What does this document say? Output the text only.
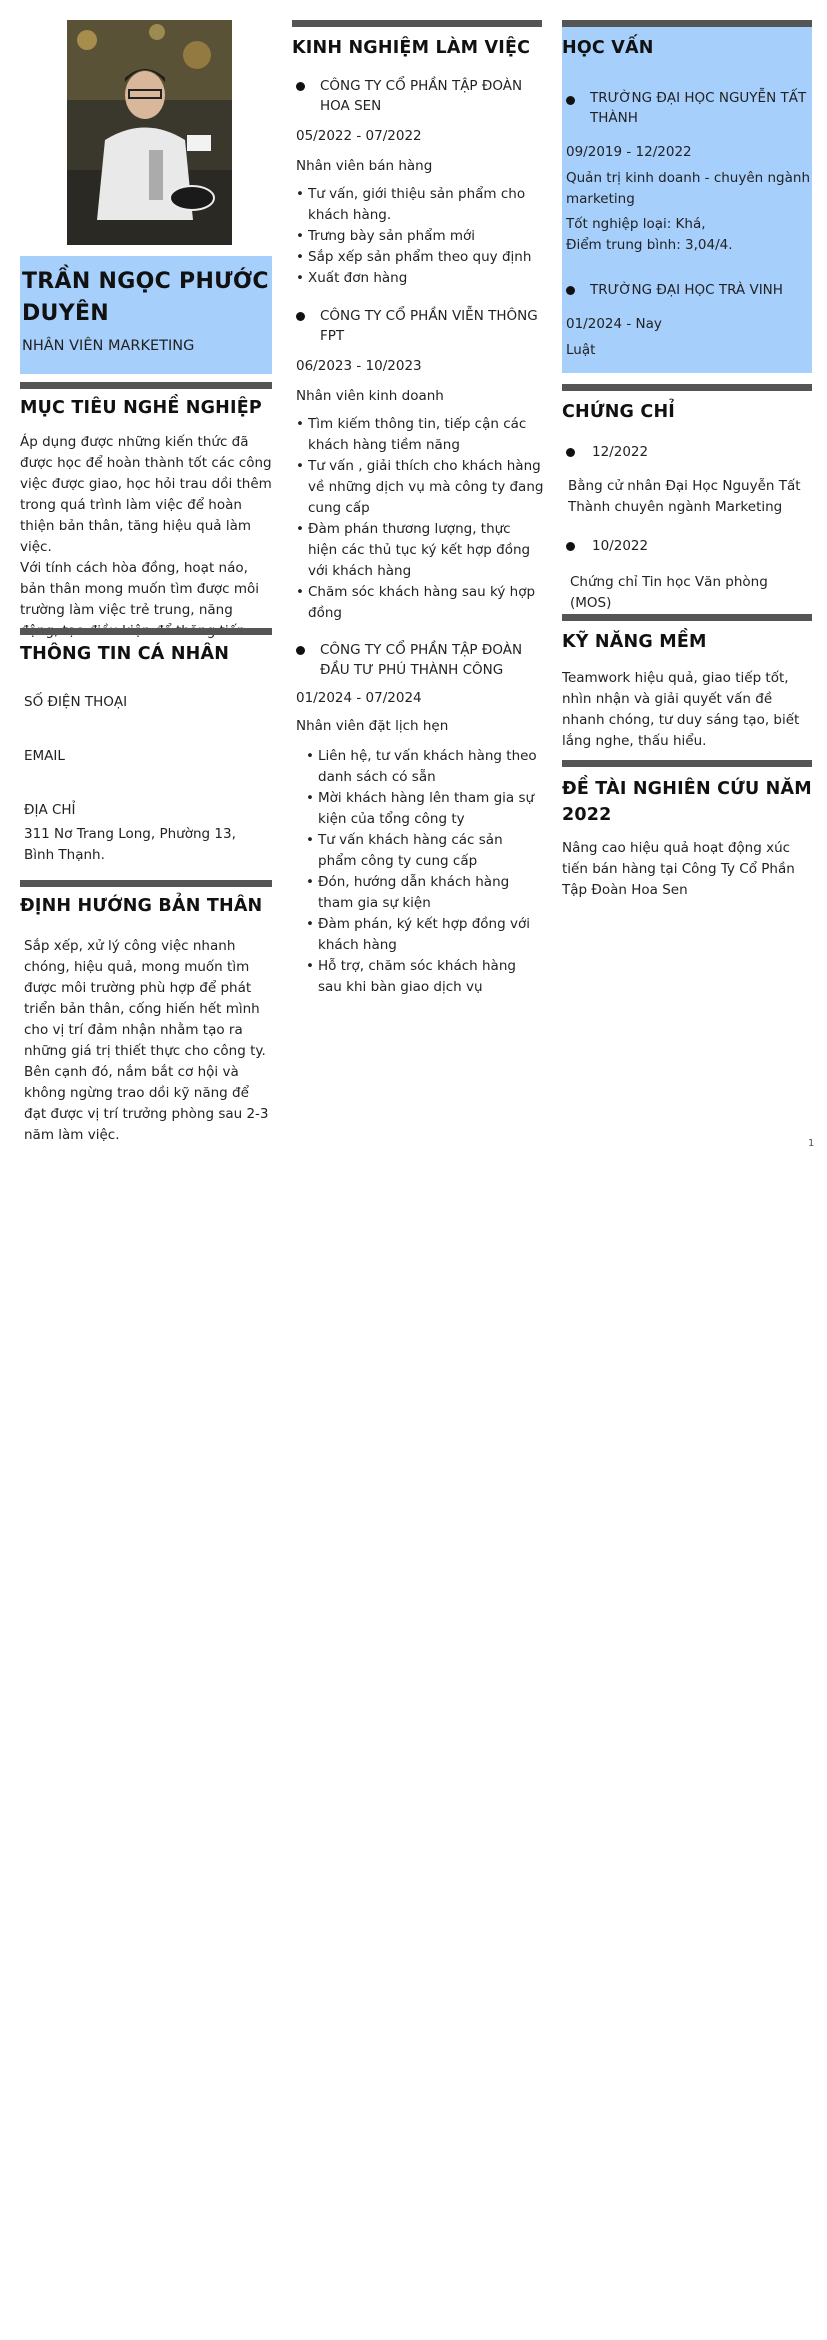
TRẦN NGỌC PHƯỚC DUYÊN
NHÂN VIÊN MARKETING
MỤC TIÊU NGHỀ NGHIỆP
Áp dụng được những kiến thức đã được học để hoàn thành tốt các công việc được giao, học hỏi trau dồi thêm trong quá trình làm việc để hoàn thiện bản thân, tăng hiệu quả làm việc.
Với tính cách hòa đồng, hoạt náo, bản thân mong muốn tìm được môi trường làm việc trẻ trung, năng
THÔNG TIN CÁ NHÂN
SỐ ĐIỆN THOẠI
EMAIL
ĐỊA CHỈ
311 Nơ Trang Long, Phường 13, Bình Thạnh.
ĐỊNH HƯỚNG BẢN THÂN
Sắp xếp, xử lý công việc nhanh chóng, hiệu quả, mong muốn tìm được môi trường phù hợp để phát triển bản thân, cống hiến hết mình cho vị trí đảm nhận nhằm tạo ra những giá trị thiết thực cho công ty. Bên cạnh đó, nắm bắt cơ hội và không ngừng trao dồi kỹ năng để đạt được vị trí trưởng phòng sau 2-3 năm làm việc.
KINH NGHIỆM LÀM VIỆC
CÔNG TY CỔ PHẦN TẬP ĐOÀN HOA SEN
05/2022 - 07/2022
Nhân viên bán hàng
• Tư vấn, giới thiệu sản phẩm cho khách hàng.
• Trưng bày sản phẩm mới
• Sắp xếp sản phẩm theo quy định
• Xuất đơn hàng
CÔNG TY CỔ PHẦN VIỄN THÔNG FPT
06/2023 - 10/2023
Nhân viên kinh doanh
• Tìm kiếm thông tin, tiếp cận các khách hàng tiềm năng
• Tư vấn , giải thích cho khách hàng về những dịch vụ mà công ty đang cung cấp
• Đàm phán thương lượng, thực hiện các thủ tục ký kết hợp đồng với khách hàng
• Chăm sóc khách hàng sau ký hợp đồng
CÔNG TY CỔ PHẦN TẬP ĐOÀN ĐẦU TƯ PHÚ THÀNH CÔNG
01/2024 - 07/2024
Nhân viên đặt lịch hẹn
• Liên hệ, tư vấn khách hàng theo danh sách có sẵn
• Mời khách hàng lên tham gia sự kiện của tổng công ty
• Tư vấn khách hàng các sản phẩm công ty cung cấp
• Đón, hướng dẫn khách hàng tham gia sự kiện
• Đàm phán, ký kết hợp đồng với khách hàng
• Hỗ trợ, chăm sóc khách hàng sau khi bàn giao dịch vụ
HỌC VẤN
TRƯỜNG ĐẠI HỌC NGUYỄN TẤT THÀNH
09/2019 - 12/2022
Quản trị kinh doanh - chuyên ngành marketing
Tốt nghiệp loại: Khá,
Điểm trung bình: 3,04/4.
TRƯỜNG ĐẠI HỌC TRÀ VINH
01/2024 - Nay
Luật
CHỨNG CHỈ
12/2022
Bằng cử nhân Đại Học Nguyễn Tất Thành chuyên ngành Marketing
10/2022
Chứng chỉ Tin học Văn phòng (MOS)
KỸ NĂNG MỀM
Teamwork hiệu quả, giao tiếp tốt, nhìn nhận và giải quyết vấn đề nhanh chóng, tư duy sáng tạo, biết lắng nghe, thấu hiểu.
ĐỀ TÀI NGHIÊN CỨU NĂM 2022
Nâng cao hiệu quả hoạt động xúc tiến bán hàng tại Công Ty Cổ Phần Tập Đoàn Hoa Sen
1
